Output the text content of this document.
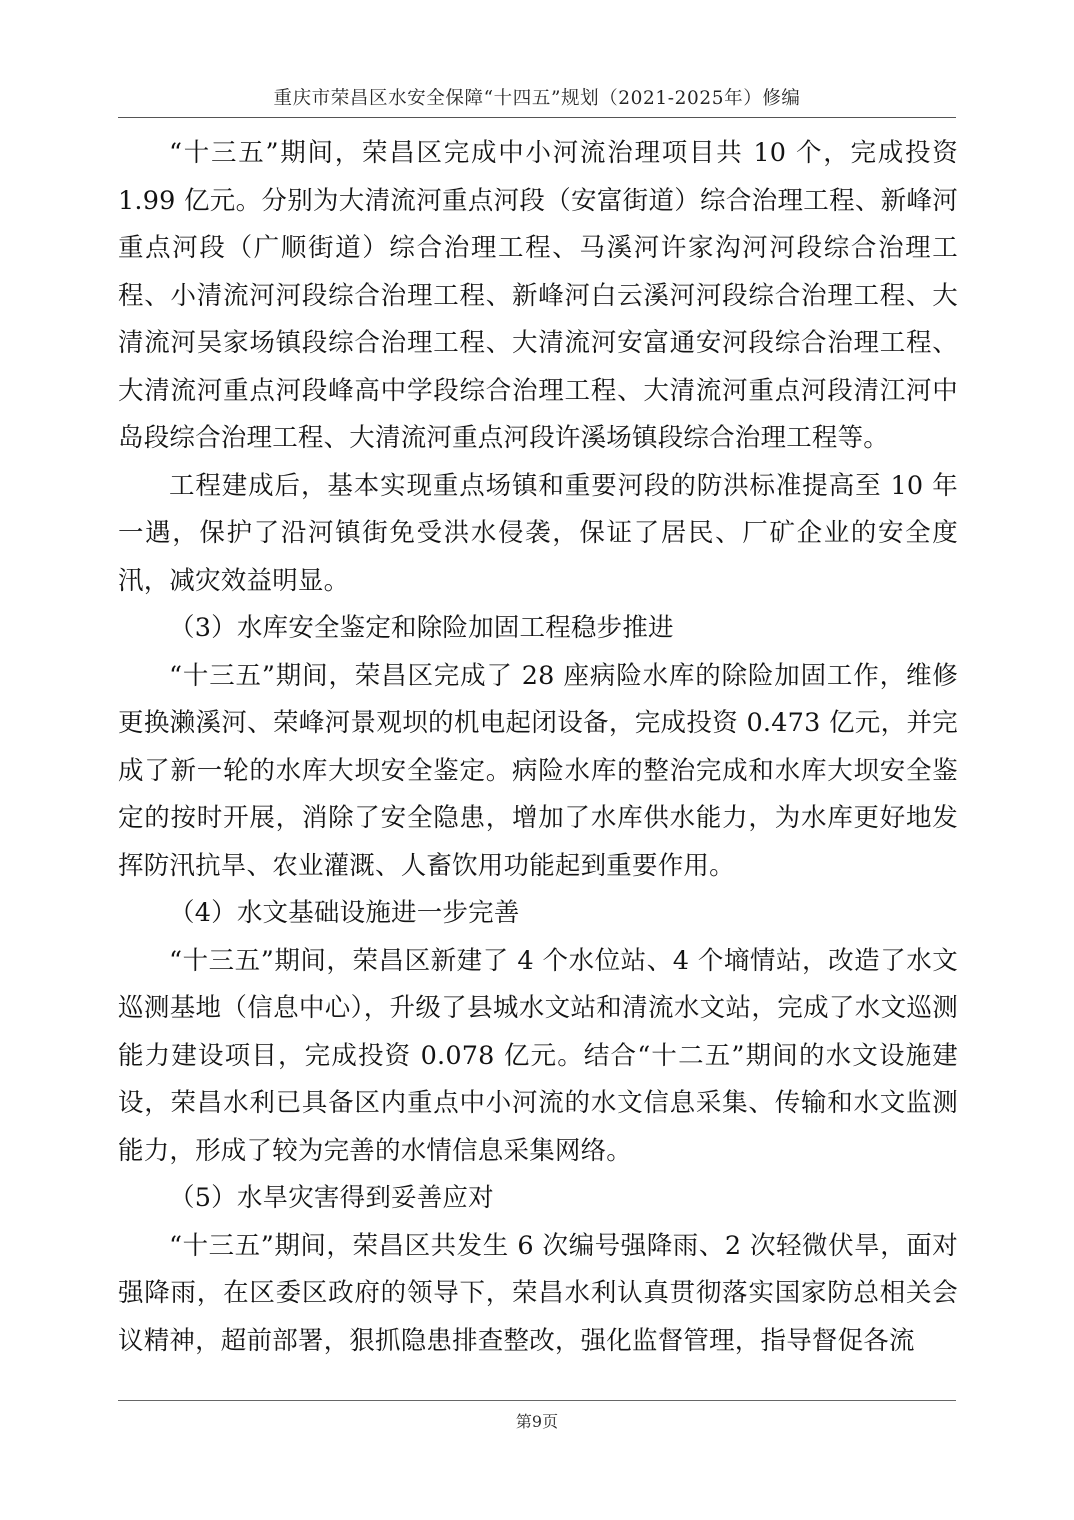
重庆市荣昌区水安全保障“十四五”规划（2021-2025年）修编

“十三五”期间，荣昌区完成中小河流治理项目共 10 个，完成投资 1.99 亿元。分别为大清流河重点河段（安富街道）综合治理工程、新峰河重点河段（广顺街道）综合治理工程、马溪河许家沟河河段综合治理工程、小清流河河段综合治理工程、新峰河白云溪河河段综合治理工程、大清流河吴家场镇段综合治理工程、大清流河安富通安河段综合治理工程、大清流河重点河段峰高中学段综合治理工程、大清流河重点河段清江河中岛段综合治理工程、大清流河重点河段许溪场镇段综合治理工程等。

工程建成后，基本实现重点场镇和重要河段的防洪标准提高至 10 年一遇，保护了沿河镇街免受洪水侵袭，保证了居民、厂矿企业的安全度汛，减灾效益明显。

（3）水库安全鉴定和除险加固工程稳步推进

“十三五”期间，荣昌区完成了 28 座病险水库的除险加固工作，维修更换濑溪河、荣峰河景观坝的机电起闭设备，完成投资 0.473 亿元，并完成了新一轮的水库大坝安全鉴定。病险水库的整治完成和水库大坝安全鉴定的按时开展，消除了安全隐患，增加了水库供水能力，为水库更好地发挥防汛抗旱、农业灌溉、人畜饮用功能起到重要作用。

（4）水文基础设施进一步完善

“十三五”期间，荣昌区新建了 4 个水位站、4 个墒情站，改造了水文巡测基地（信息中心），升级了县城水文站和清流水文站，完成了水文巡测能力建设项目，完成投资 0.078 亿元。结合“十二五”期间的水文设施建设，荣昌水利已具备区内重点中小河流的水文信息采集、传输和水文监测能力，形成了较为完善的水情信息采集网络。

（5）水旱灾害得到妥善应对

“十三五”期间，荣昌区共发生 6 次编号强降雨、2 次轻微伏旱，面对强降雨，在区委区政府的领导下，荣昌水利认真贯彻落实国家防总相关会议精神，超前部署，狠抓隐患排查整改，强化监督管理，指导督促各流

第9页
